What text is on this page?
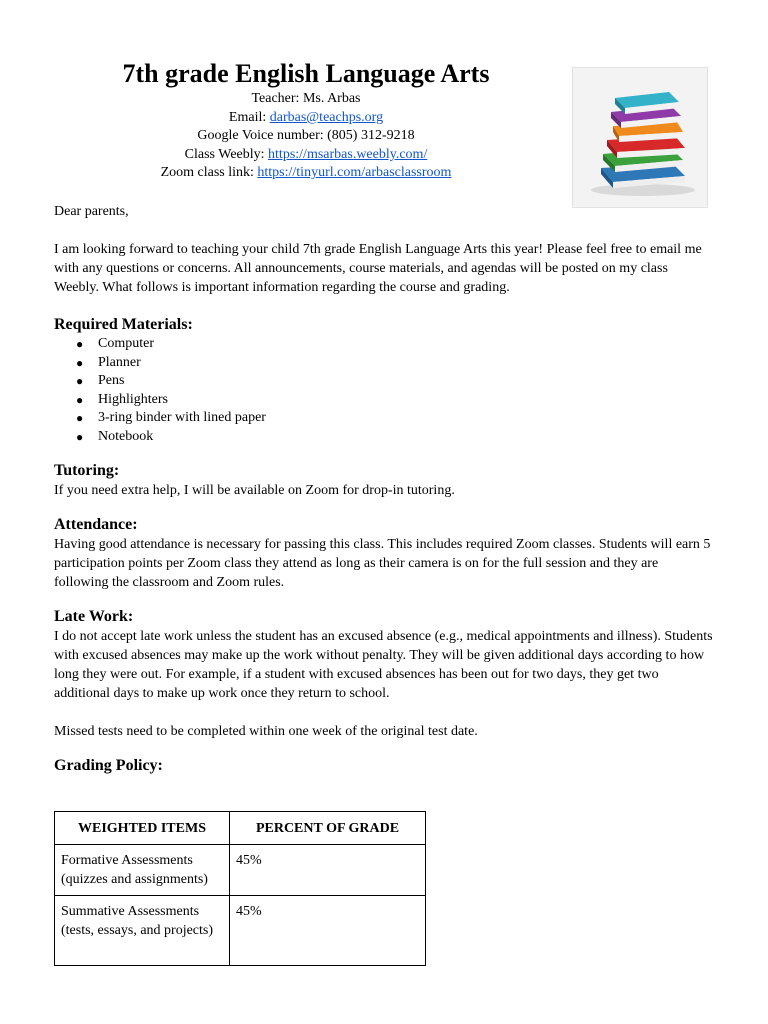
7th grade English Language Arts
Teacher: Ms. Arbas
Email: darbas@teachps.org
Google Voice number: (805) 312-9218
Class Weebly: https://msarbas.weebly.com/
Zoom class link: https://tinyurl.com/arbasclassroom

Dear parents,

I am looking forward to teaching your child 7th grade English Language Arts this year! Please feel free to email me with any questions or concerns. All announcements, course materials, and agendas will be posted on my class Weebly. What follows is important information regarding the course and grading.

Required Materials:
● Computer
● Planner
● Pens
● Highlighters
● 3-ring binder with lined paper
● Notebook
Tutoring:

If you need extra help, I will be available on Zoom for drop-in tutoring.

Attendance:

Having good attendance is necessary for passing this class. This includes required Zoom classes. Students will earn 5 participation points per Zoom class they attend as long as their camera is on for the full session and they are following the classroom and Zoom rules.

Late Work:

I do not accept late work unless the student has an excused absence (e.g., medical appointments and illness). Students with excused absences may make up the work without penalty. They will be given additional days according to how long they were out. For example, if a student with excused absences has been out for two days, they get two additional days to make up work once they return to school.

Missed tests need to be completed within one week of the original test date.

Grading Policy:
WEIGHTED ITEMS	PERCENT OF GRADE
Formative Assessments (quizzes and assignments)	45%
Summative Assessments (tests, essays, and projects)	45%
